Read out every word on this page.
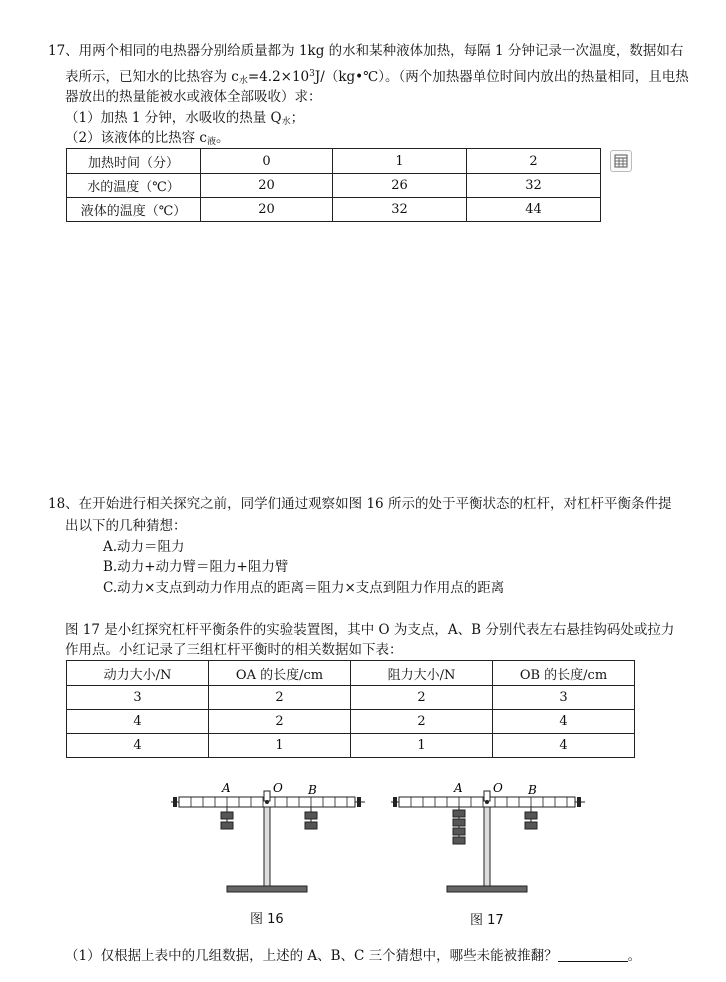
17、用两个相同的电热器分别给质量都为 1kg 的水和某种液体加热，每隔 1 分钟记录一次温度，数据如右
表所示，已知水的比热容为 $c_水=4.2\times 10^3J/(kg•℃)$。（两个加热器单位时间内放出的热量相同，且电热
器放出的热量能被水或液体全部吸收）求：
（1）加热 1 分钟，水吸收的热量 $Q_水$；
（2）该液体的比热容 $c_液$。
加热时间（分）	0	1	2
水的温度（℃）	20	26	32
液体的温度（℃）	20	32	44
18、在开始进行相关探究之前，同学们通过观察如图 16 所示的处于平衡状态的杠杆，对杠杆平衡条件提
出以下的几种猜想：
A.动力＝阻力
B.动力+动力臂＝阻力+阻力臂
C.动力×支点到动力作用点的距离＝阻力×支点到阻力作用点的距离
图 17 是小红探究杠杆平衡条件的实验装置图，其中 O 为支点，A、B 分别代表左右悬挂钩码处或拉力
作用点。小红记录了三组杠杆平衡时的相关数据如下表：
动力大小/N	OA 的长度/cm	阻力大小/N	OB 的长度/cm
3	2	2	3
4	2	2	4
4	1	1	4
A	O B
图 16
A	O B
图 17
（1）仅根据上表中的几组数据，上述的 A、B、C 三个猜想中，哪些未能被推翻？	。
